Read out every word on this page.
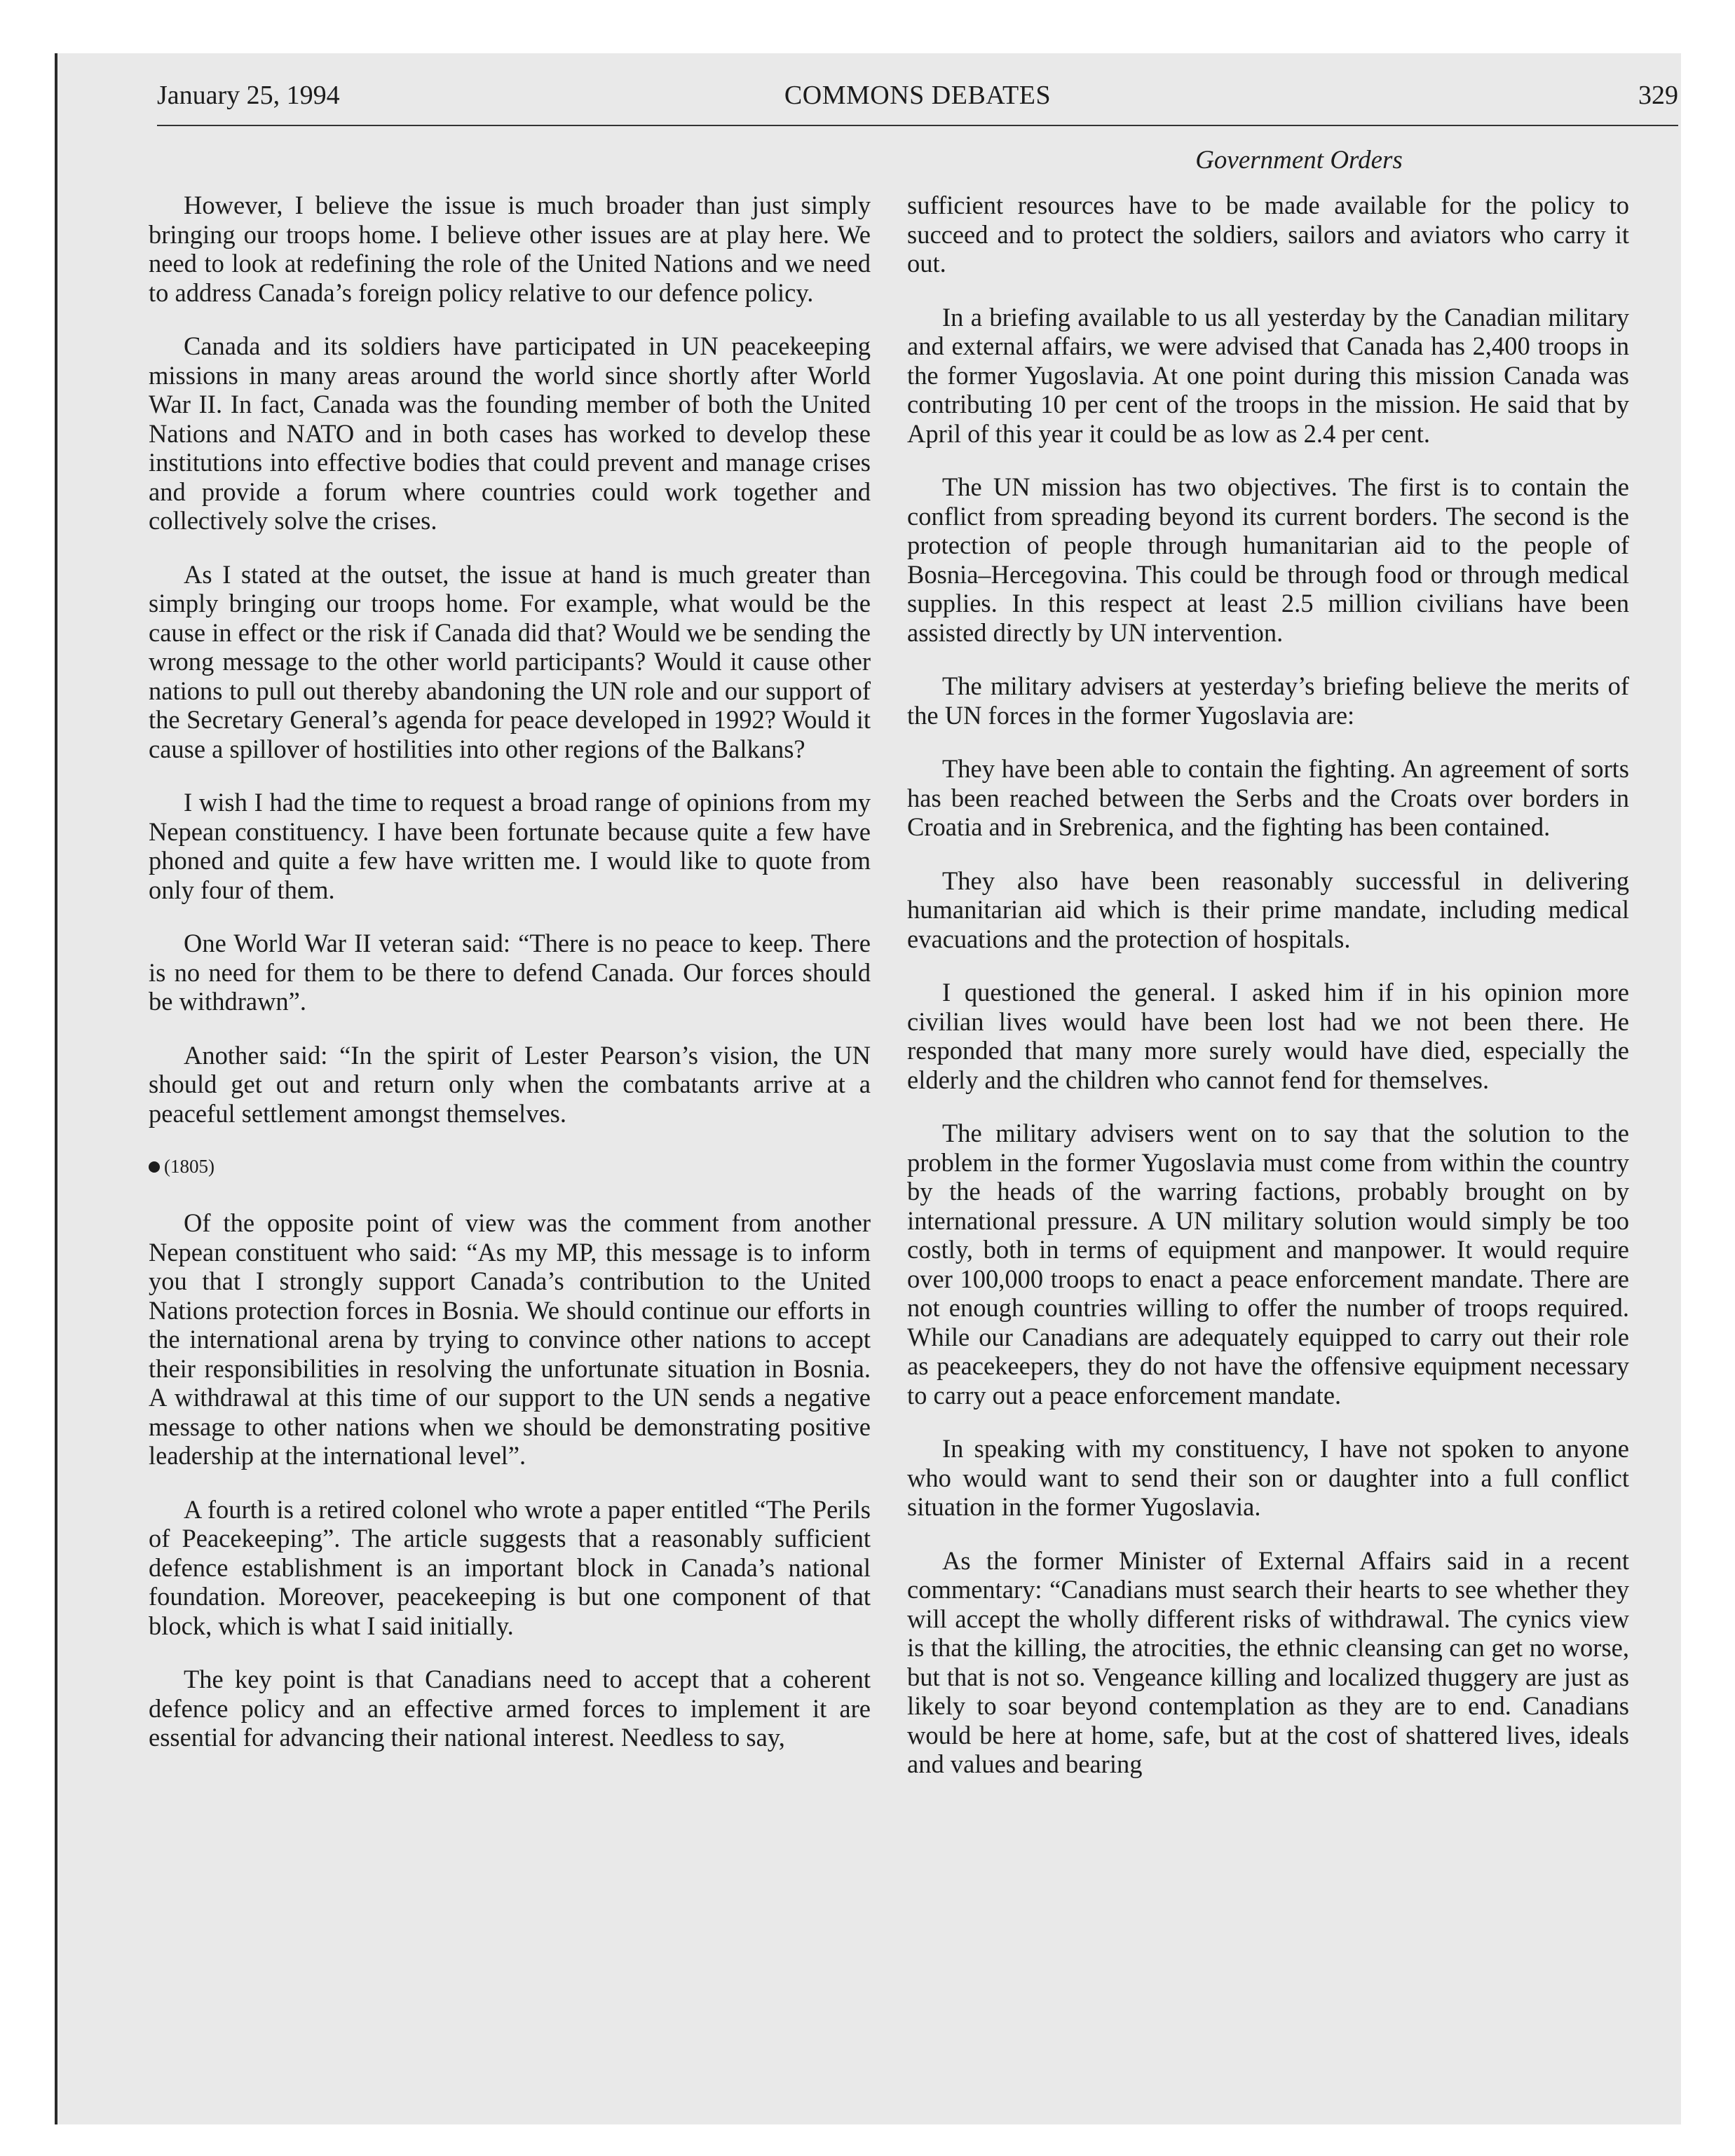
January 25, 1994	COMMONS DEBATES	329
Government Orders

However, I believe the issue is much broader than just simply bringing our troops home. I believe other issues are at play here. We need to look at redefining the role of the United Nations and we need to address Canada’s foreign policy relative to our defence policy.

Canada and its soldiers have participated in UN peacekeeping missions in many areas around the world since shortly after World War II. In fact, Canada was the founding member of both the United Nations and NATO and in both cases has worked to develop these institutions into effective bodies that could prevent and manage crises and provide a forum where countries could work together and collectively solve the crises.

As I stated at the outset, the issue at hand is much greater than simply bringing our troops home. For example, what would be the cause in effect or the risk if Canada did that? Would we be sending the wrong message to the other world participants? Would it cause other nations to pull out thereby abandoning the UN role and our support of the Secretary General’s agenda for peace developed in 1992? Would it cause a spillover of hostilities into other regions of the Balkans?

I wish I had the time to request a broad range of opinions from my Nepean constituency. I have been fortunate because quite a few have phoned and quite a few have written me. I would like to quote from only four of them.

One World War II veteran said: “There is no peace to keep. There is no need for them to be there to defend Canada. Our forces should be withdrawn”.

Another said: “In the spirit of Lester Pearson’s vision, the UN should get out and return only when the combatants arrive at a peaceful settlement amongst themselves.

(1805)

Of the opposite point of view was the comment from another Nepean constituent who said: “As my MP, this message is to inform you that I strongly support Canada’s contribution to the United Nations protection forces in Bosnia. We should continue our efforts in the international arena by trying to convince other nations to accept their responsibilities in resolving the unfortunate situation in Bosnia. A withdrawal at this time of our support to the UN sends a negative message to other nations when we should be demonstrating positive leadership at the international level”.

A fourth is a retired colonel who wrote a paper entitled “The Perils of Peacekeeping”. The article suggests that a reasonably sufficient defence establishment is an important block in Canada’s national foundation. Moreover, peacekeeping is but one component of that block, which is what I said initially.

The key point is that Canadians need to accept that a coherent defence policy and an effective armed forces to implement it are essential for advancing their national interest. Needless to say,

sufficient resources have to be made available for the policy to succeed and to protect the soldiers, sailors and aviators who carry it out.

In a briefing available to us all yesterday by the Canadian military and external affairs, we were advised that Canada has 2,400 troops in the former Yugoslavia. At one point during this mission Canada was contributing 10 per cent of the troops in the mission. He said that by April of this year it could be as low as 2.4 per cent.

The UN mission has two objectives. The first is to contain the conflict from spreading beyond its current borders. The second is the protection of people through humanitarian aid to the people of Bosnia–Hercegovina. This could be through food or through medical supplies. In this respect at least 2.5 million civilians have been assisted directly by UN intervention.

The military advisers at yesterday’s briefing believe the merits of the UN forces in the former Yugoslavia are:

They have been able to contain the fighting. An agreement of sorts has been reached between the Serbs and the Croats over borders in Croatia and in Srebrenica, and the fighting has been contained.

They also have been reasonably successful in delivering humanitarian aid which is their prime mandate, including medical evacuations and the protection of hospitals.

I questioned the general. I asked him if in his opinion more civilian lives would have been lost had we not been there. He responded that many more surely would have died, especially the elderly and the children who cannot fend for themselves.

The military advisers went on to say that the solution to the problem in the former Yugoslavia must come from within the country by the heads of the warring factions, probably brought on by international pressure. A UN military solution would simply be too costly, both in terms of equipment and manpower. It would require over 100,000 troops to enact a peace enforcement mandate. There are not enough countries willing to offer the number of troops required. While our Canadians are adequately equipped to carry out their role as peacekeepers, they do not have the offensive equipment necessary to carry out a peace enforcement mandate.

In speaking with my constituency, I have not spoken to anyone who would want to send their son or daughter into a full conflict situation in the former Yugoslavia.

As the former Minister of External Affairs said in a recent commentary: “Canadians must search their hearts to see whether they will accept the wholly different risks of withdrawal. The cynics view is that the killing, the atrocities, the ethnic cleansing can get no worse, but that is not so. Vengeance killing and localized thuggery are just as likely to soar beyond contemplation as they are to end. Canadians would be here at home, safe, but at the cost of shattered lives, ideals and values and bearing
